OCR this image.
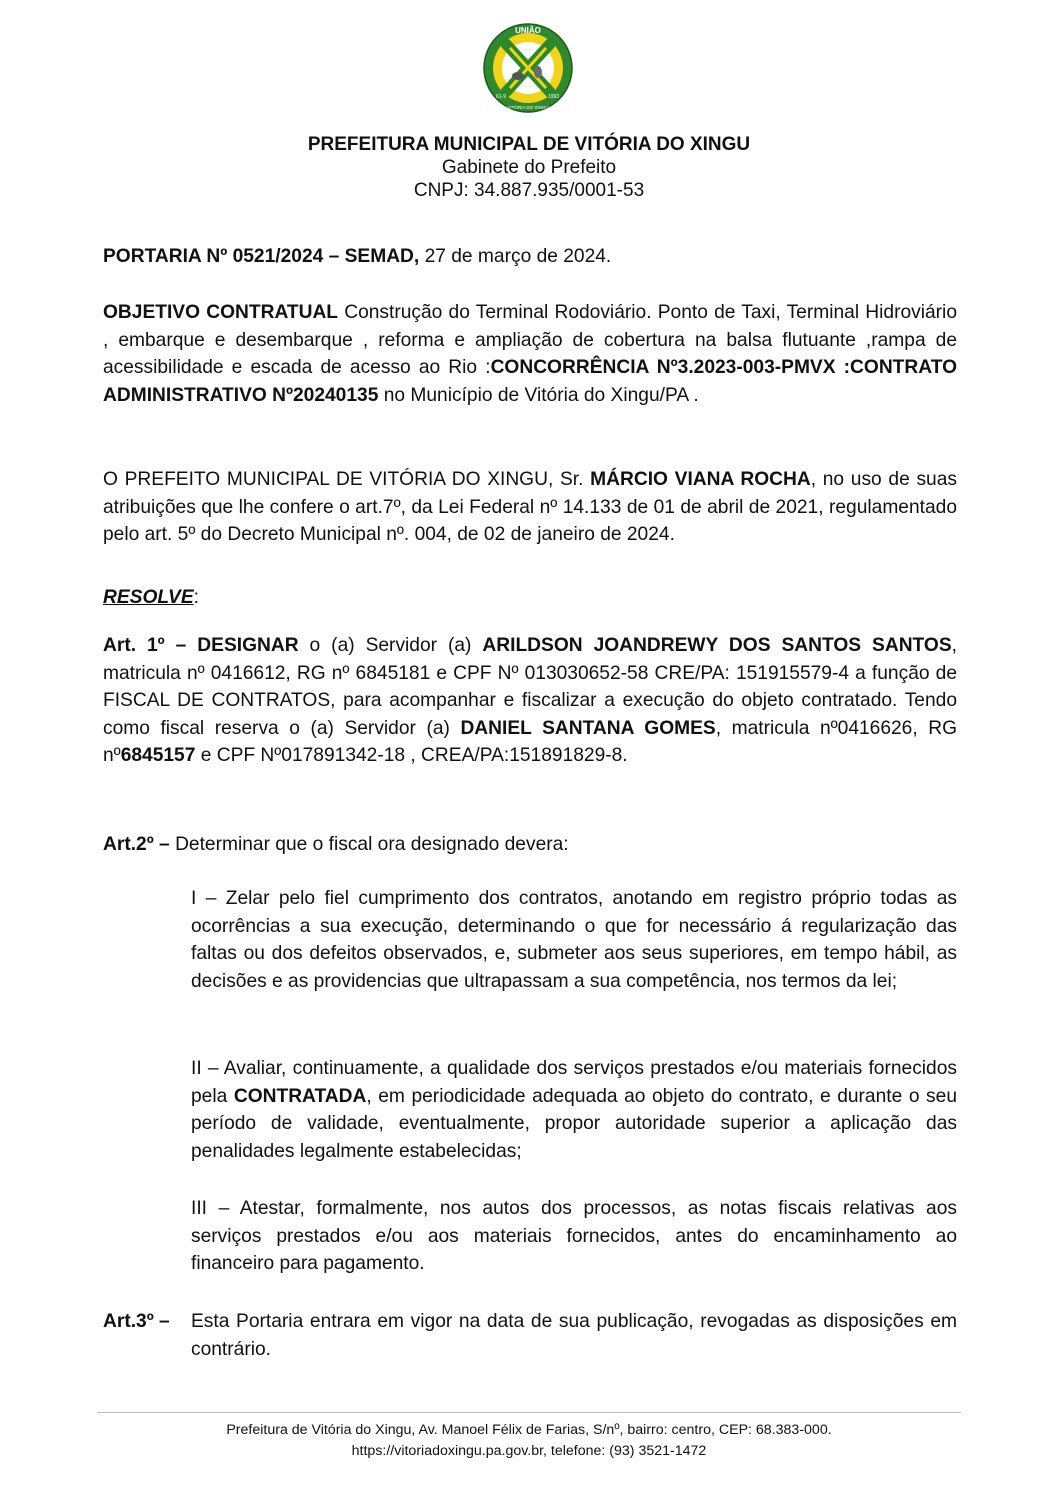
UNIÃO
61-9	1993
VITÓRIA DO XINGU
PREFEITURA MUNICIPAL DE VITÓRIA DO XINGU
Gabinete do Prefeito
CNPJ: 34.887.935/0001-53
PORTARIA Nº 0521/2024 – SEMAD, 27 de março de 2024.
OBJETIVO CONTRATUAL Construção do Terminal Rodoviário. Ponto de Taxi, Terminal Hidroviário , embarque e desembarque , reforma e ampliação de cobertura na balsa flutuante ,rampa de acessibilidade e escada de acesso ao Rio :CONCORRÊNCIA Nº3.2023-003-PMVX :CONTRATO ADMINISTRATIVO Nº20240135 no Município de Vitória do Xingu/PA .
O PREFEITO MUNICIPAL DE VITÓRIA DO XINGU, Sr. MÁRCIO VIANA ROCHA, no uso de suas atribuições que lhe confere o art.7º, da Lei Federal nº 14.133 de 01 de abril de 2021, regulamentado pelo art. 5º do Decreto Municipal nº. 004, de 02 de janeiro de 2024.
RESOLVE:
Art. 1º – DESIGNAR o (a) Servidor (a) ARILDSON JOANDREWY DOS SANTOS SANTOS, matricula nº 0416612, RG nº 6845181 e CPF Nº 013030652-58 CRE/PA: 151915579-4 a função de FISCAL DE CONTRATOS, para acompanhar e fiscalizar a execução do objeto contratado. Tendo como fiscal reserva o (a) Servidor (a) DANIEL SANTANA GOMES, matricula nº0416626, RG nº6845157 e CPF Nº017891342-18 , CREA/PA:151891829-8.
Art.2º – Determinar que o fiscal ora designado devera:
I – Zelar pelo fiel cumprimento dos contratos, anotando em registro próprio todas as ocorrências a sua execução, determinando o que for necessário á regularização das faltas ou dos defeitos observados, e, submeter aos seus superiores, em tempo hábil, as decisões e as providencias que ultrapassam a sua competência, nos termos da lei;
II – Avaliar, continuamente, a qualidade dos serviços prestados e/ou materiais fornecidos pela CONTRATADA, em periodicidade adequada ao objeto do contrato, e durante o seu período de validade, eventualmente, propor autoridade superior a aplicação das penalidades legalmente estabelecidas;
III – Atestar, formalmente, nos autos dos processos, as notas fiscais relativas aos serviços prestados e/ou aos materiais fornecidos, antes do encaminhamento ao financeiro para pagamento.
Art.3º –	Esta Portaria entrara em vigor na data de sua publicação, revogadas as disposições em contrário.
Prefeitura de Vitória do Xingu, Av. Manoel Félix de Farias, S/nº, bairro: centro, CEP: 68.383-000.
https://vitoriadoxingu.pa.gov.br, telefone: (93) 3521-1472
